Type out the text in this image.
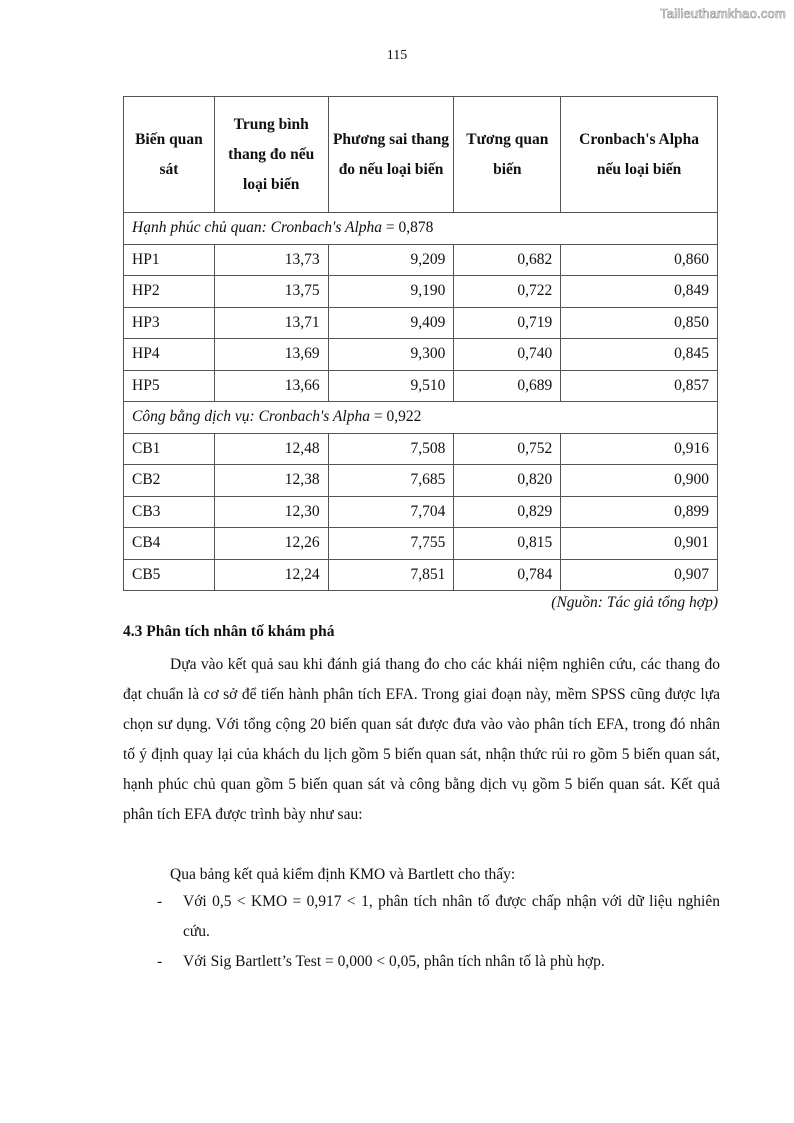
Tailieuthamkhao.com
115
Biến quan sát	Trung bình thang đo nếu loại biến	Phương sai thang đo nếu loại biến	Tương quan biến	Cronbach's Alpha nếu loại biến
Hạnh phúc chủ quan: Cronbach's Alpha = 0,878				
HP1	13,73	9,209	0,682	0,860
HP2	13,75	9,190	0,722	0,849
HP3	13,71	9,409	0,719	0,850
HP4	13,69	9,300	0,740	0,845
HP5	13,66	9,510	0,689	0,857
Công bằng dịch vụ: Cronbach's Alpha = 0,922				
CB1	12,48	7,508	0,752	0,916
CB2	12,38	7,685	0,820	0,900
CB3	12,30	7,704	0,829	0,899
CB4	12,26	7,755	0,815	0,901
CB5	12,24	7,851	0,784	0,907
(Nguồn: Tác giả tổng hợp)
4.3 Phân tích nhân tố khám phá

Dựa vào kết quả sau khi đánh giá thang đo cho các khái niệm nghiên cứu, các thang đo đạt chuẩn là cơ sở để tiến hành phân tích EFA. Trong giai đoạn này, mềm SPSS cũng được lựa chọn sư dụng. Với tổng cộng 20 biến quan sát được đưa vào vào phân tích EFA, trong đó nhân tố ý định quay lại của khách du lịch gồm 5 biến quan sát, nhận thức rủi ro gồm 5 biến quan sát, hạnh phúc chủ quan gồm 5 biến quan sát và công bằng dịch vụ gồm 5 biến quan sát. Kết quả phân tích EFA được trình bày như sau:

Qua bảng kết quả kiểm định KMO và Bartlett cho thấy:

- Với 0,5 < KMO = 0,917 < 1, phân tích nhân tố được chấp nhận với dữ liệu nghiên cứu.
- Với Sig Bartlett’s Test = 0,000 < 0,05, phân tích nhân tố là phù hợp.
